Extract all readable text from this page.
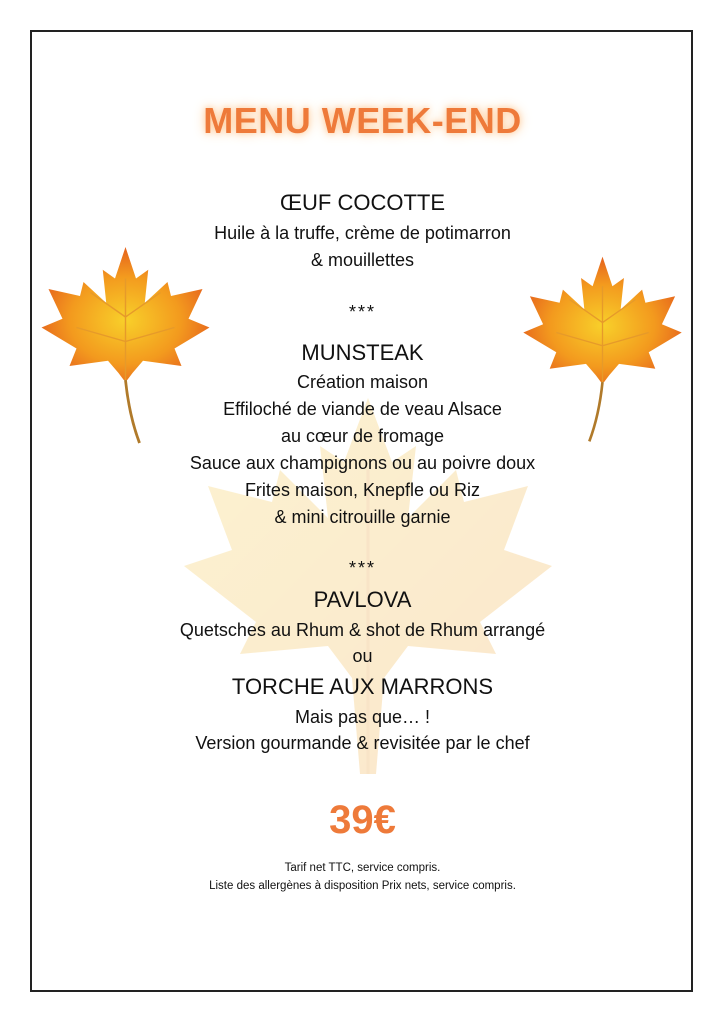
MENU WEEK-END
ŒUF COCOTTE
Huile à la truffe, crème de potimarron
& mouillettes
***
MUNSTEAK
Création maison
Effiloché de viande de veau Alsace
au cœur de fromage
Sauce aux champignons ou au poivre doux
Frites maison, Knepfle ou Riz
& mini citrouille garnie
***
PAVLOVA
Quetsches au Rhum & shot de Rhum arrangé
ou
TORCHE AUX MARRONS
Mais pas que… !
Version gourmande & revisitée par le chef
39€
Tarif net TTC, service compris.
Liste des allergènes à disposition Prix nets, service compris.
